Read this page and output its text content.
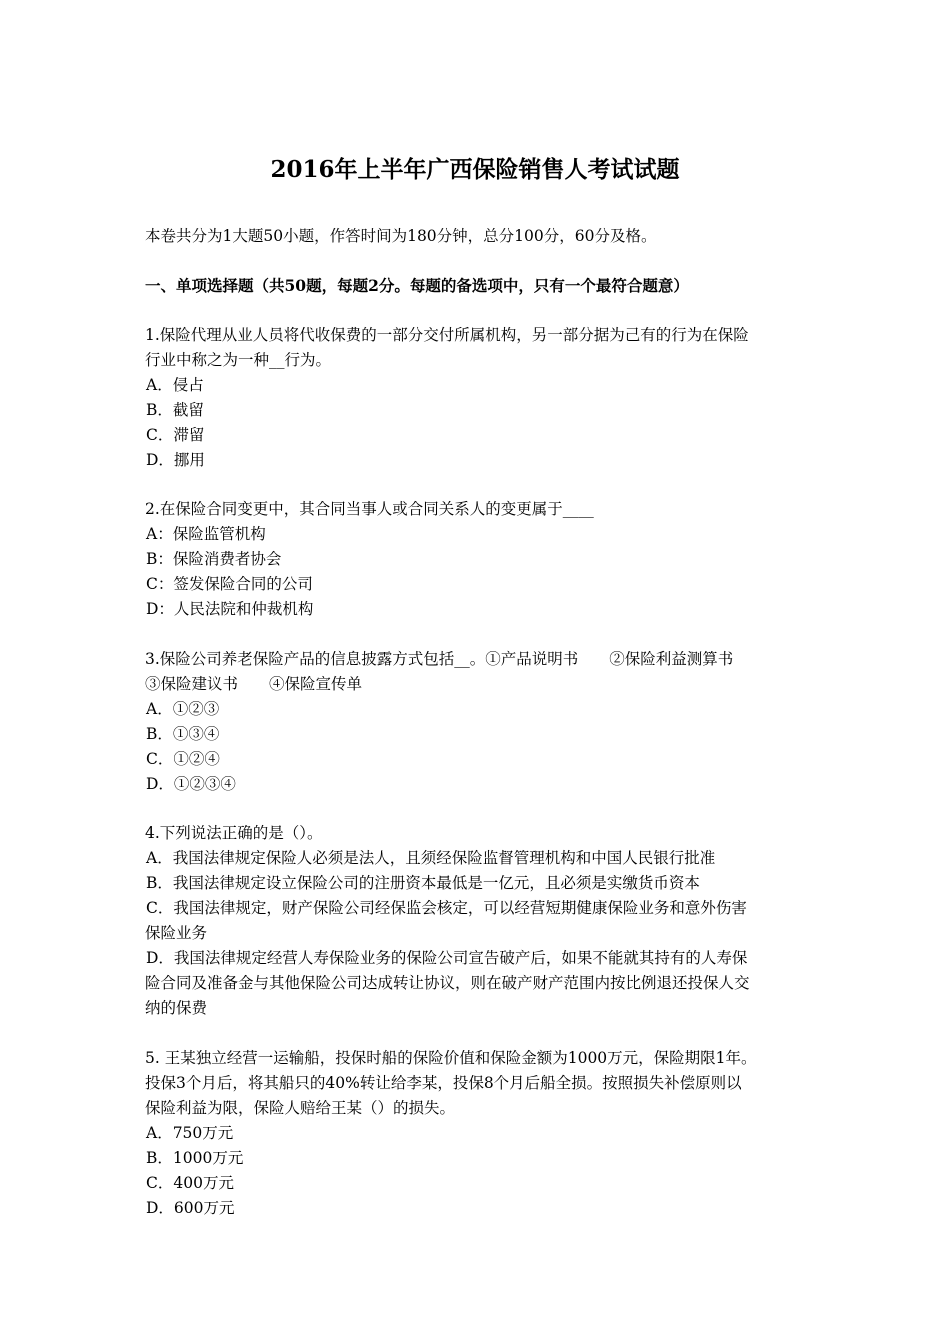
2016年上半年广西保险销售人考试试题
本卷共分为1大题50小题，作答时间为180分钟，总分100分，60分及格。
一、单项选择题（共50题，每题2分。每题的备选项中，只有一个最符合题意）
1.保险代理从业人员将代收保费的一部分交付所属机构，另一部分据为己有的行为在保险
行业中称之为一种__行为。
A．侵占
B．截留
C．滞留
D．挪用
2.在保险合同变更中，其合同当事人或合同关系人的变更属于____
A：保险监管机构
B：保险消费者协会
C：签发保险合同的公司
D：人民法院和仲裁机构
3.保险公司养老保险产品的信息披露方式包括__。①产品说明书　　②保险利益测算书
③保险建议书　　④保险宣传单
A．①②③
B．①③④
C．①②④
D．①②③④
4.下列说法正确的是（）。
A．我国法律规定保险人必须是法人，且须经保险监督管理机构和中国人民银行批准
B．我国法律规定设立保险公司的注册资本最低是一亿元，且必须是实缴货币资本
C．我国法律规定，财产保险公司经保监会核定，可以经营短期健康保险业务和意外伤害
保险业务
D．我国法律规定经营人寿保险业务的保险公司宣告破产后，如果不能就其持有的人寿保
险合同及准备金与其他保险公司达成转让协议，则在破产财产范围内按比例退还投保人交
纳的保费
5. 王某独立经营一运输船，投保时船的保险价值和保险金额为1000万元，保险期限1年。
投保3个月后，将其船只的40%转让给李某，投保8个月后船全损。按照损失补偿原则以
保险利益为限，保险人赔给王某（）的损失。
A．750万元
B．1000万元
C．400万元
D．600万元
